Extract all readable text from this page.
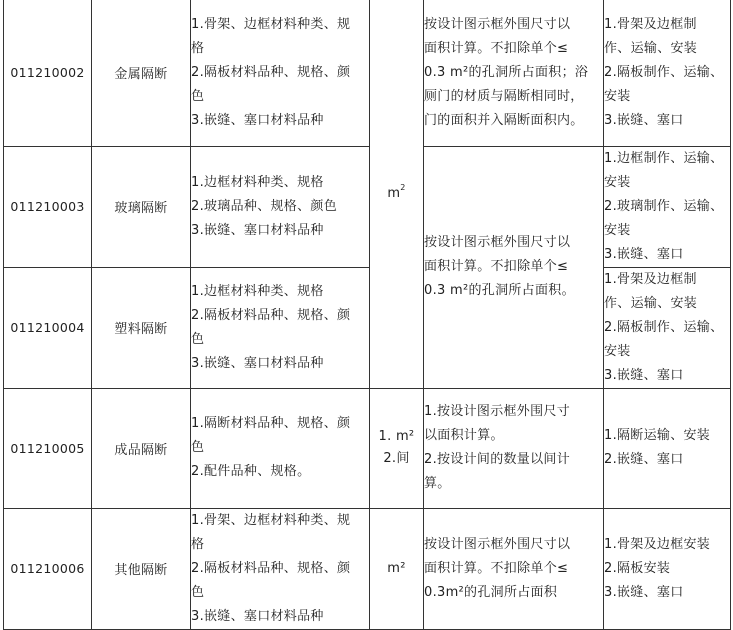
011210002	金属隔断	1.骨架、边框材料种类、规
格
2.隔板材料品种、规格、颜
色
3.嵌缝、塞口材料品种	$m^2$	按设计图示框外围尺寸以
面积计算。不扣除单个≤
0.3 m²的孔洞所占面积；浴
厕门的材质与隔断相同时，
门的面积并入隔断面积内。	1.骨架及边框制
作、运输、安装
2.隔板制作、运输、
安装
3.嵌缝、塞口

011210003	玻璃隔断	1.边框材料种类、规格
2.玻璃品种、规格、颜色
3.嵌缝、塞口材料品种		按设计图示框外围尺寸以
面积计算。不扣除单个≤
0.3 m²的孔洞所占面积。	1.边框制作、运输、
安装
2.玻璃制作、运输、
安装
3.嵌缝、塞口

011210004	塑料隔断	1.边框材料种类、规格
2.隔板材料品种、规格、颜
色
3.嵌缝、塞口材料品种			1.骨架及边框制
作、运输、安装
2.隔板制作、运输、
安装
3.嵌缝、塞口

011210005	成品隔断	1.隔断材料品种、规格、颜
色
2.配件品种、规格。	1. m²
2.间	1.按设计图示框外围尺寸
以面积计算。
2.按设计间的数量以间计
算。	1.隔断运输、安装
2.嵌缝、塞口

011210006	其他隔断	1.骨架、边框材料种类、规
格
2.隔板材料品种、规格、颜
色
3.嵌缝、塞口材料品种	m²	按设计图示框外围尺寸以
面积计算。不扣除单个≤
0.3m²的孔洞所占面积	1.骨架及边框安装
2.隔板安装
3.嵌缝、塞口
